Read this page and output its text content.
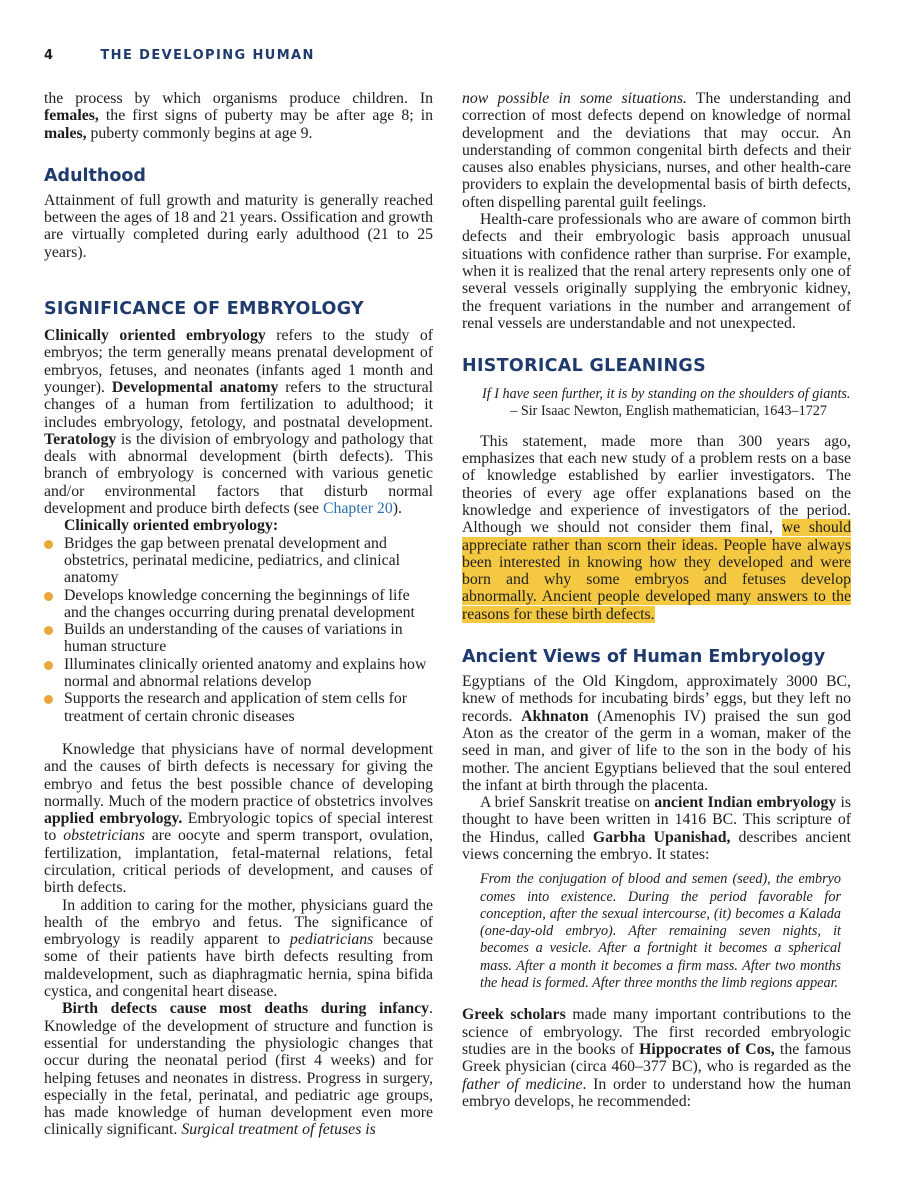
4	THE DEVELOPING HUMAN

the process by which organisms produce children. In females, the first signs of puberty may be after age 8; in males, puberty commonly begins at age 9.

Adulthood

Attainment of full growth and maturity is generally reached between the ages of 18 and 21 years. Ossification and growth are virtually completed during early adulthood (21 to 25 years).

SIGNIFICANCE OF EMBRYOLOGY

Clinically oriented embryology refers to the study of embryos; the term generally means prenatal development of embryos, fetuses, and neonates (infants aged 1 month and younger). Developmental anatomy refers to the structural changes of a human from fertilization to adulthood; it includes embryology, fetology, and postnatal development. Teratology is the division of embryology and pathology that deals with abnormal development (birth defects). This branch of embryology is concerned with various genetic and/or environmental factors that disturb normal development and produce birth defects (see Chapter 20).

Clinically oriented embryology:

Bridges the gap between prenatal development and obstetrics, perinatal medicine, pediatrics, and clinical anatomy
Develops knowledge concerning the beginnings of life and the changes occurring during prenatal development
Builds an understanding of the causes of variations in human structure
Illuminates clinically oriented anatomy and explains how normal and abnormal relations develop
Supports the research and application of stem cells for treatment of certain chronic diseases

Knowledge that physicians have of normal development and the causes of birth defects is necessary for giving the embryo and fetus the best possible chance of developing normally. Much of the modern practice of obstetrics involves applied embryology. Embryologic topics of special interest to obstetricians are oocyte and sperm transport, ovulation, fertilization, implantation, fetal-maternal relations, fetal circulation, critical periods of development, and causes of birth defects.

In addition to caring for the mother, physicians guard the health of the embryo and fetus. The significance of embryology is readily apparent to pediatricians because some of their patients have birth defects resulting from maldevelopment, such as diaphragmatic hernia, spina bifida cystica, and congenital heart disease.

Birth defects cause most deaths during infancy. Knowledge of the development of structure and function is essential for understanding the physiologic changes that occur during the neonatal period (first 4 weeks) and for helping fetuses and neonates in distress. Progress in surgery, especially in the fetal, perinatal, and pediatric age groups, has made knowledge of human development even more clinically significant. Surgical treatment of fetuses is

now possible in some situations. The understanding and correction of most defects depend on knowledge of normal development and the deviations that may occur. An understanding of common congenital birth defects and their causes also enables physicians, nurses, and other health-care providers to explain the developmental basis of birth defects, often dispelling parental guilt feelings.

Health-care professionals who are aware of common birth defects and their embryologic basis approach unusual situations with confidence rather than surprise. For example, when it is realized that the renal artery represents only one of several vessels originally supplying the embryonic kidney, the frequent variations in the number and arrangement of renal vessels are understandable and not unexpected.

HISTORICAL GLEANINGS
If I have seen further, it is by standing on the shoulders of giants.
– Sir Isaac Newton, English mathematician, 1643–1727

This statement, made more than 300 years ago, emphasizes that each new study of a problem rests on a base of knowledge established by earlier investigators. The theories of every age offer explanations based on the knowledge and experience of investigators of the period. Although we should not consider them final, we should appreciate rather than scorn their ideas. People have always been interested in knowing how they developed and were born and why some embryos and fetuses develop abnormally. Ancient people developed many answers to the reasons for these birth defects.

Ancient Views of Human Embryology

Egyptians of the Old Kingdom, approximately 3000 BC, knew of methods for incubating birds’ eggs, but they left no records. Akhnaton (Amenophis IV) praised the sun god Aton as the creator of the germ in a woman, maker of the seed in man, and giver of life to the son in the body of his mother. The ancient Egyptians believed that the soul entered the infant at birth through the placenta.

A brief Sanskrit treatise on ancient Indian embryology is thought to have been written in 1416 BC. This scripture of the Hindus, called Garbha Upanishad, describes ancient views concerning the embryo. It states:

From the conjugation of blood and semen (seed), the embryo comes into existence. During the period favorable for conception, after the sexual intercourse, (it) becomes a Kalada (one-day-old embryo). After remaining seven nights, it becomes a vesicle. After a fortnight it becomes a spherical mass. After a month it becomes a firm mass. After two months the head is formed. After three months the limb regions appear.

Greek scholars made many important contributions to the science of embryology. The first recorded embryologic studies are in the books of Hippocrates of Cos, the famous Greek physician (circa 460–377 BC), who is regarded as the father of medicine. In order to understand how the human embryo develops, he recommended:
